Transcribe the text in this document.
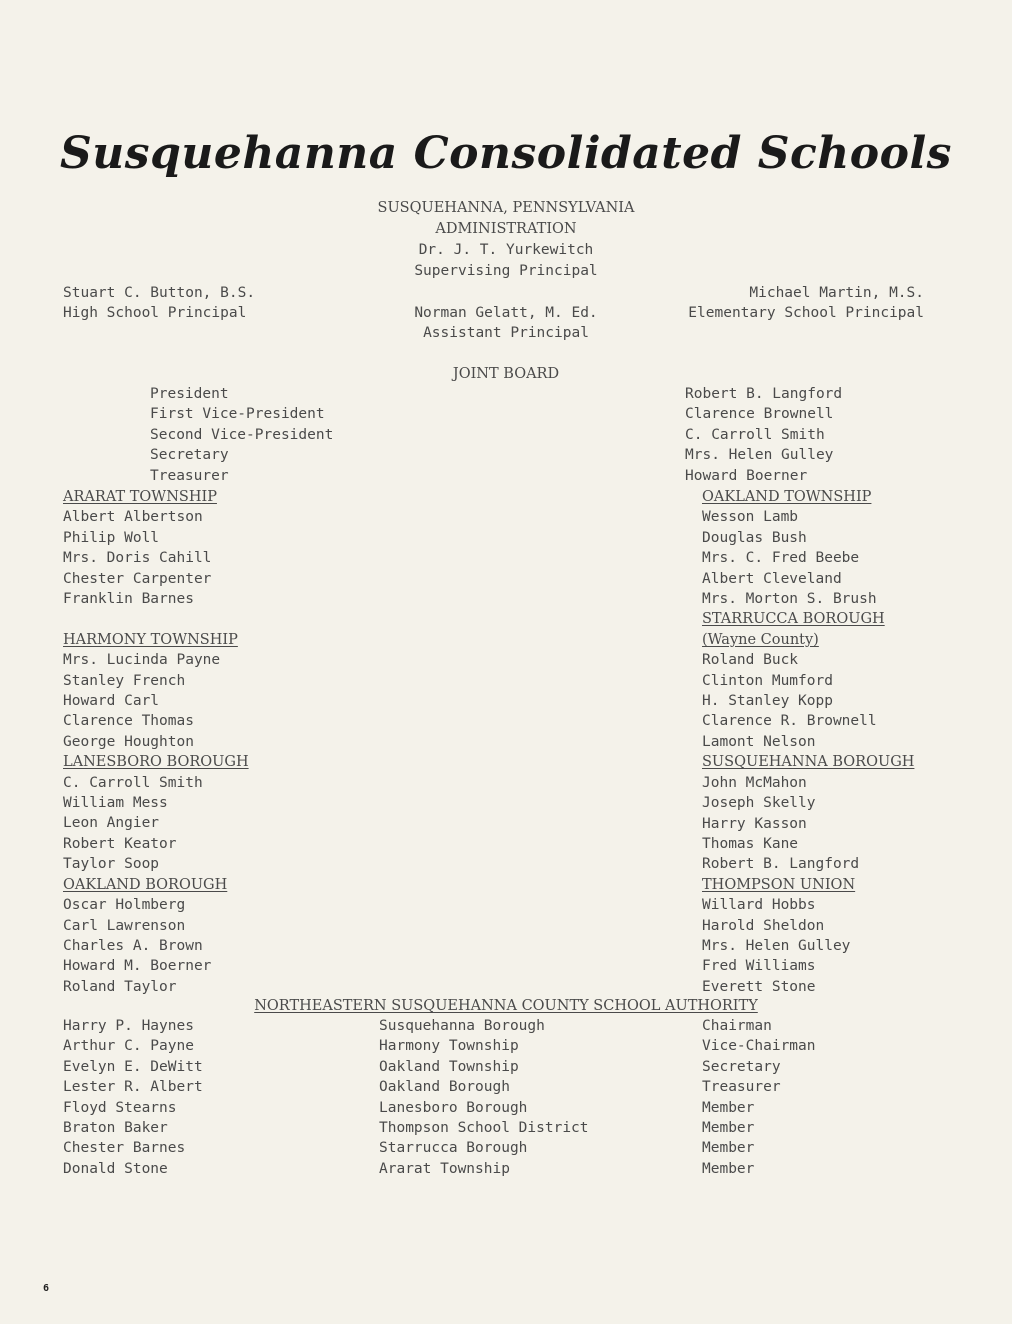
Susquehanna Consolidated Schools
SUSQUEHANNA, PENNSYLVANIA
ADMINISTRATION
Dr. J. T. Yurkewitch
Supervising Principal
Stuart C. Button, B.S.
High School Principal	Norman Gelatt, M. Ed.
Assistant Principal
Michael Martin, M.S.
Elementary School Principal
JOINT BOARD
President
First Vice-President
Second Vice-President
Secretary
Treasurer
Robert B. Langford
Clarence Brownell
C. Carroll Smith
Mrs. Helen Gulley
Howard Boerner
ARARAT TOWNSHIP
Albert Albertson
Philip Woll
Mrs. Doris Cahill
Chester Carpenter
Franklin Barnes
HARMONY TOWNSHIP
Mrs. Lucinda Payne
Stanley French
Howard Carl
Clarence Thomas
George Houghton
LANESBORO BOROUGH
C. Carroll Smith
William Mess
Leon Angier
Robert Keator
Taylor Soop
OAKLAND BOROUGH
Oscar Holmberg
Carl Lawrenson
Charles A. Brown
Howard M. Boerner
Roland Taylor
OAKLAND TOWNSHIP
Wesson Lamb
Douglas Bush
Mrs. C. Fred Beebe
Albert Cleveland
Mrs. Morton S. Brush
STARRUCCA BOROUGH
(Wayne County)
Roland Buck
Clinton Mumford
H. Stanley Kopp
Clarence R. Brownell
Lamont Nelson
SUSQUEHANNA BOROUGH
John McMahon
Joseph Skelly
Harry Kasson
Thomas Kane
Robert B. Langford
THOMPSON UNION
Willard Hobbs
Harold Sheldon
Mrs. Helen Gulley
Fred Williams
Everett Stone
NORTHEASTERN SUSQUEHANNA COUNTY SCHOOL AUTHORITY
Harry P. Haynes
Arthur C. Payne
Evelyn E. DeWitt
Lester R. Albert
Floyd Stearns
Braton Baker
Chester Barnes
Donald Stone
Susquehanna Borough
Harmony Township
Oakland Township
Oakland Borough
Lanesboro Borough
Thompson School District
Starrucca Borough
Ararat Township
Chairman
Vice-Chairman
Secretary
Treasurer
Member
Member
Member
Member
6
